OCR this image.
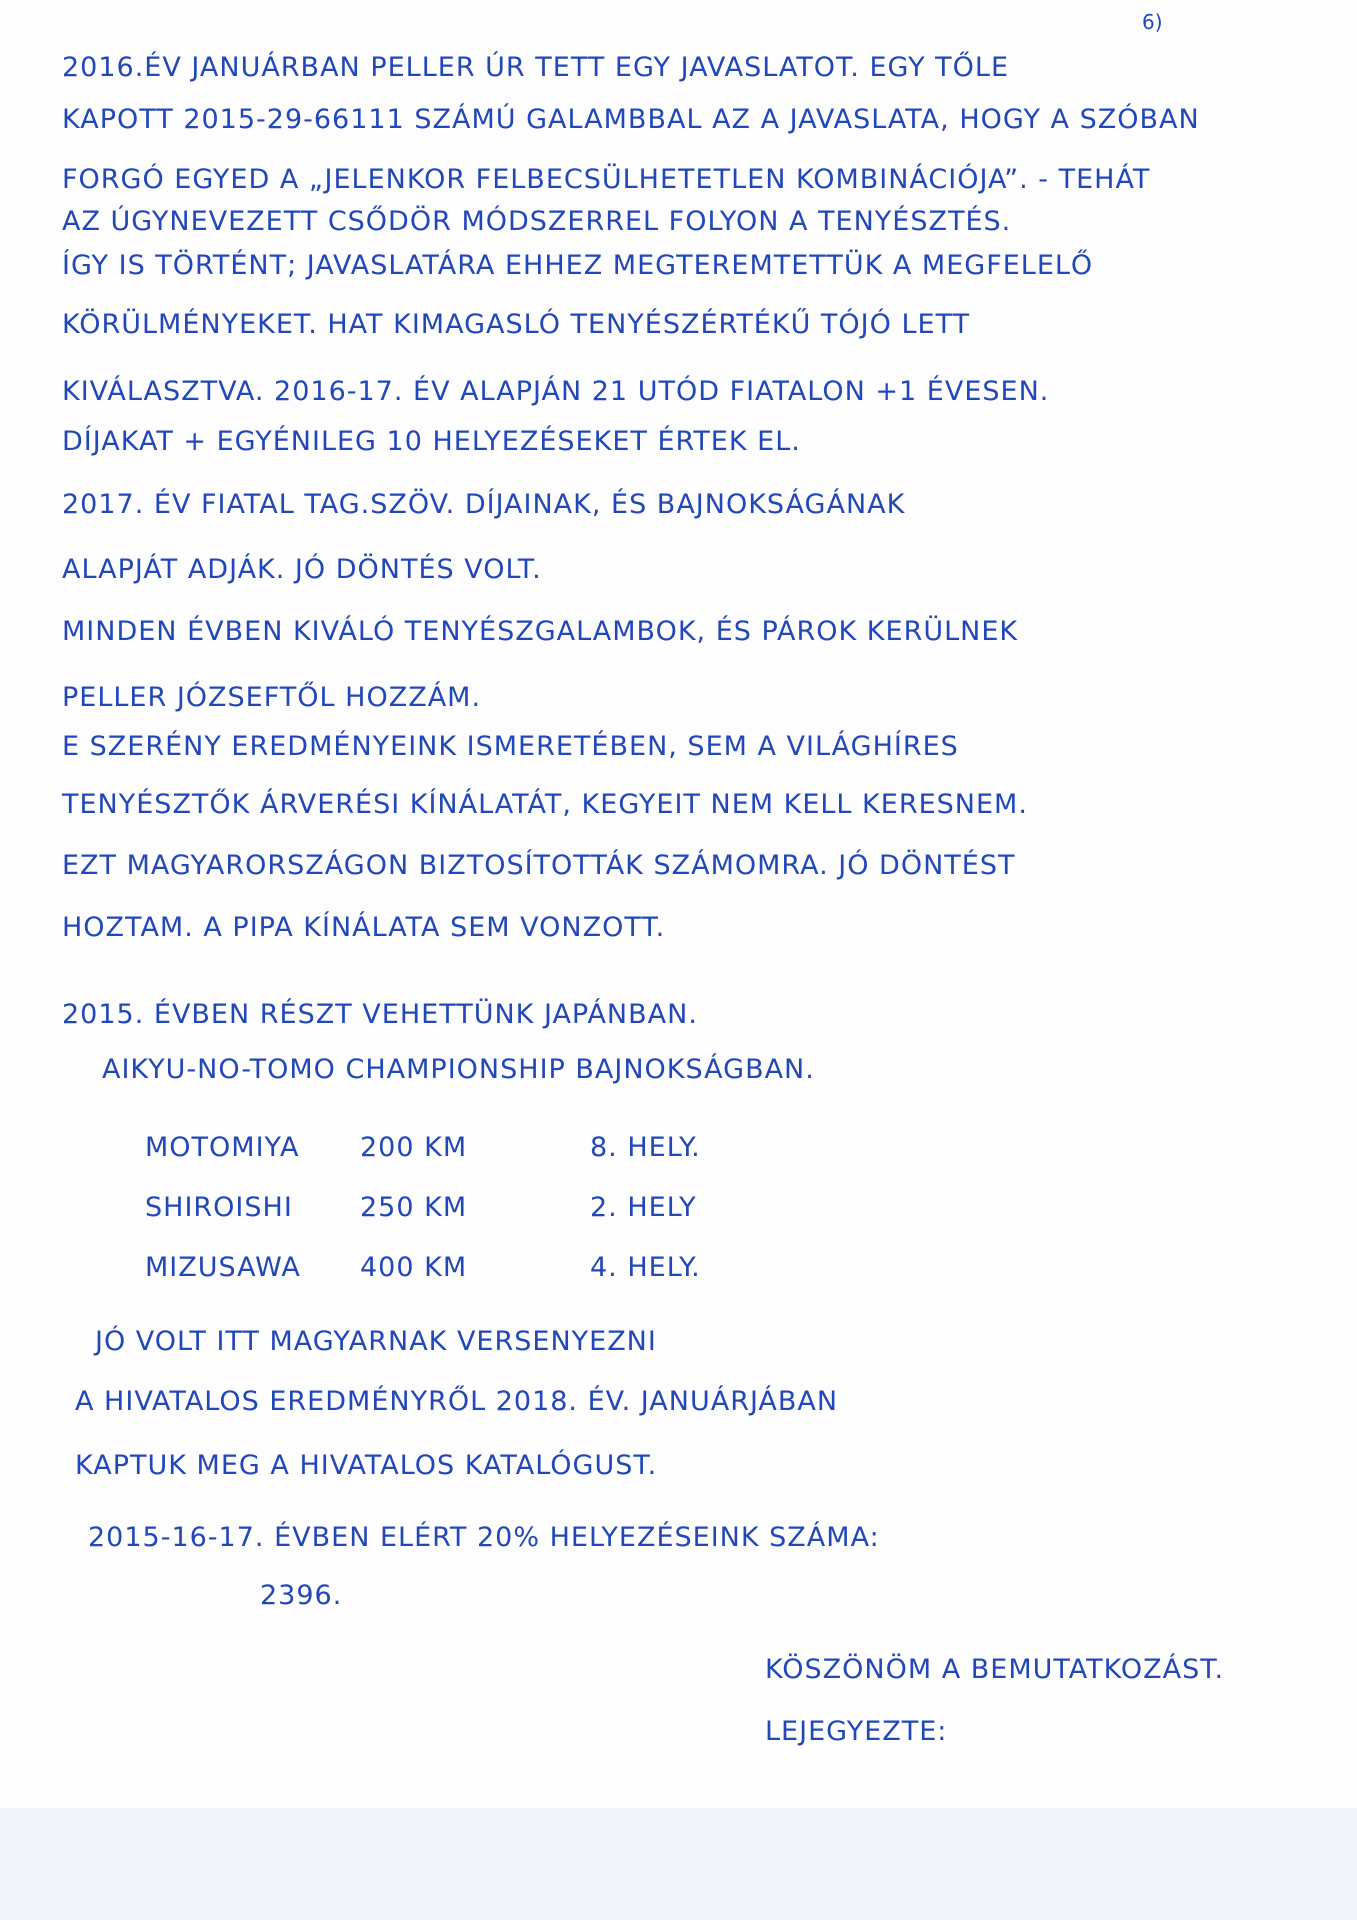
6)
2016.ÉV JANUÁRBAN PELLER ÚR TETT EGY JAVASLATOT. EGY TŐLE
KAPOTT 2015-29-66111 SZÁMÚ GALAMBBAL AZ A JAVASLATA, HOGY A SZÓBAN
FORGÓ EGYED A „JELENKOR FELBECSÜLHETETLEN KOMBINÁCIÓJA”. - TEHÁT
AZ ÚGYNEVEZETT CSŐDÖR MÓDSZERREL FOLYON A TENYÉSZTÉS.
ÍGY IS TÖRTÉNT; JAVASLATÁRA EHHEZ MEGTEREMTETTÜK A MEGFELELŐ
KÖRÜLMÉNYEKET. HAT KIMAGASLÓ TENYÉSZÉRTÉKŰ TÓJÓ LETT
KIVÁLASZTVA. 2016-17. ÉV ALAPJÁN 21 UTÓD FIATALON +1 ÉVESEN.
DÍJAKAT + EGYÉNILEG 10 HELYEZÉSEKET ÉRTEK EL.
2017. ÉV FIATAL TAG.SZÖV. DÍJAINAK, ÉS BAJNOKSÁGÁNAK
ALAPJÁT ADJÁK. JÓ DÖNTÉS VOLT.
MINDEN ÉVBEN KIVÁLÓ TENYÉSZGALAMBOK, ÉS PÁROK KERÜLNEK
PELLER JÓZSEFTŐL HOZZÁM.
E SZERÉNY EREDMÉNYEINK ISMERETÉBEN, SEM A VILÁGHÍRES
TENYÉSZTŐK ÁRVERÉSI KÍNÁLATÁT, KEGYEIT NEM KELL KERESNEM.
EZT MAGYARORSZÁGON BIZTOSÍTOTTÁK SZÁMOMRA. JÓ DÖNTÉST
HOZTAM. A PIPA KÍNÁLATA SEM VONZOTT.
2015. ÉVBEN RÉSZT VEHETTÜNK JAPÁNBAN.
AIKYU-NO-TOMO CHAMPIONSHIP BAJNOKSÁGBAN.
MOTOMIYA 200 KM	8. HELY.
SHIROISHI 250 KM	2. HELY
MIZUSAWA 400 KM	4. HELY.
JÓ VOLT ITT MAGYARNAK VERSENYEZNI
A HIVATALOS EREDMÉNYRŐL 2018. ÉV. JANUÁRJÁBAN
KAPTUK MEG A HIVATALOS KATALÓGUST.
2015-16-17. ÉVBEN ELÉRT 20% HELYEZÉSEINK SZÁMA:
2396.
KÖSZÖNÖM A BEMUTATKOZÁST.
LEJEGYEZTE:
